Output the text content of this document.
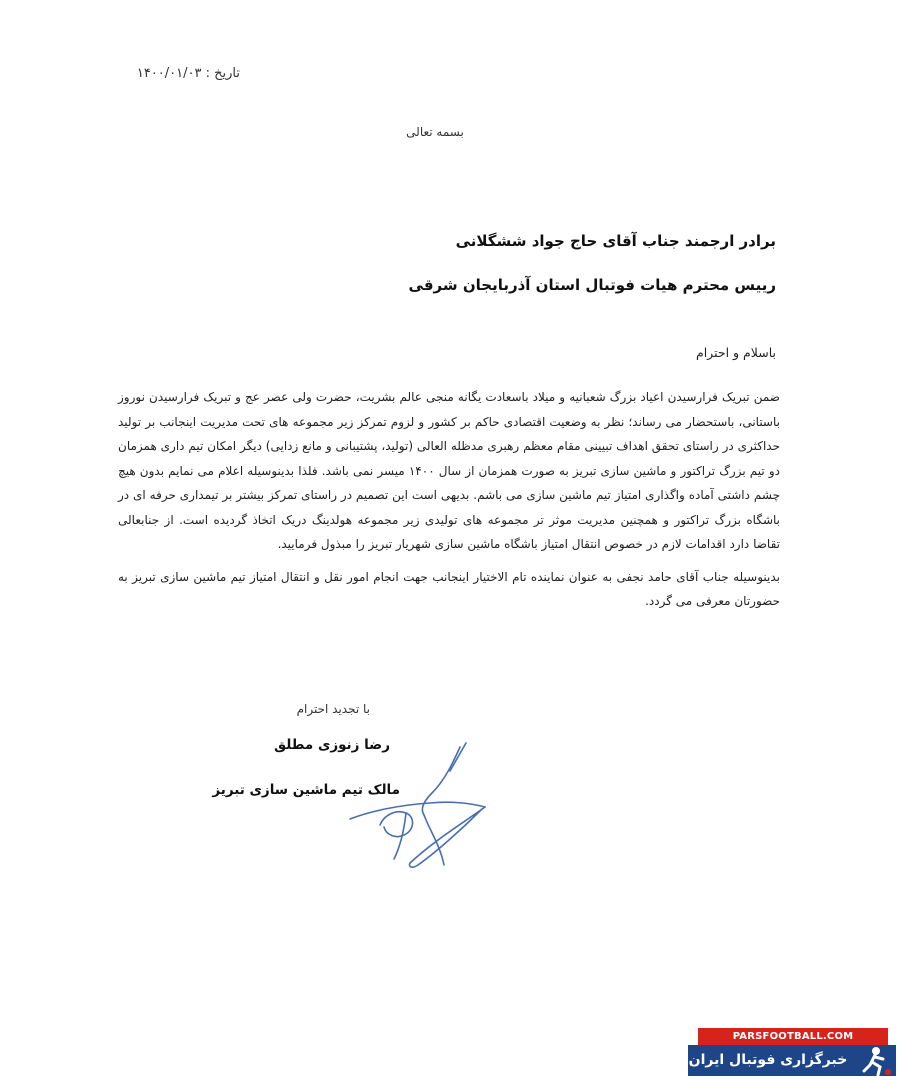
تاریخ : ۱۴۰۰/۰۱/۰۳
بسمه تعالی
برادر ارجمند جناب آقای حاج جواد ششگلانی
رییس محترم هیات فوتبال استان آذربایجان شرقی
باسلام و احترام

ضمن تبریک فرارسیدن اعیاد بزرگ شعبانیه و میلاد باسعادت یگانه منجی عالم بشریت، حضرت ولی عصر عج و تبریک فرارسیدن نوروز باستانی، باستحضار می رساند؛ نظر به وضعیت اقتصادی حاکم بر کشور و لزوم تمرکز زیر مجموعه های تحت مدیریت اینجانب بر تولید حداکثری در راستای تحقق اهداف تبیینی مقام معظم رهبری مدظله العالی (تولید، پشتیبانی و مانع زدایی) دیگر امکان تیم داری همزمان دو تیم بزرگ تراکتور و ماشین سازی تبریز به صورت همزمان از سال ۱۴۰۰ میسر نمی باشد. فلذا بدینوسیله اعلام می نمایم بدون هیچ چشم داشتی آماده واگذاری امتیاز تیم ماشین سازی می باشم. بدیهی است این تصمیم در راستای تمرکز بیشتر بر تیمداری حرفه ای در باشگاه بزرگ تراکتور و همچنین مدیریت موثر تر مجموعه های تولیدی زیر مجموعه هولدینگ دریک اتخاذ گردیده است. از جنابعالی تقاضا دارد اقدامات لازم در خصوص انتقال امتیاز باشگاه ماشین سازی شهریار تبریز را مبذول فرمایید.

بدینوسیله جناب آقای حامد نجفی به عنوان نماینده تام الاختیار اینجانب جهت انجام امور نقل و انتقال امتیاز تیم ماشین سازی تبریز به حضورتان معرفی می گردد.

با تجدید احترام
رضا زنوزی مطلق
مالک تیم ماشین سازی تبریز
PARSFOOTBALL.COM
خبرگزاری فوتبال ایران
